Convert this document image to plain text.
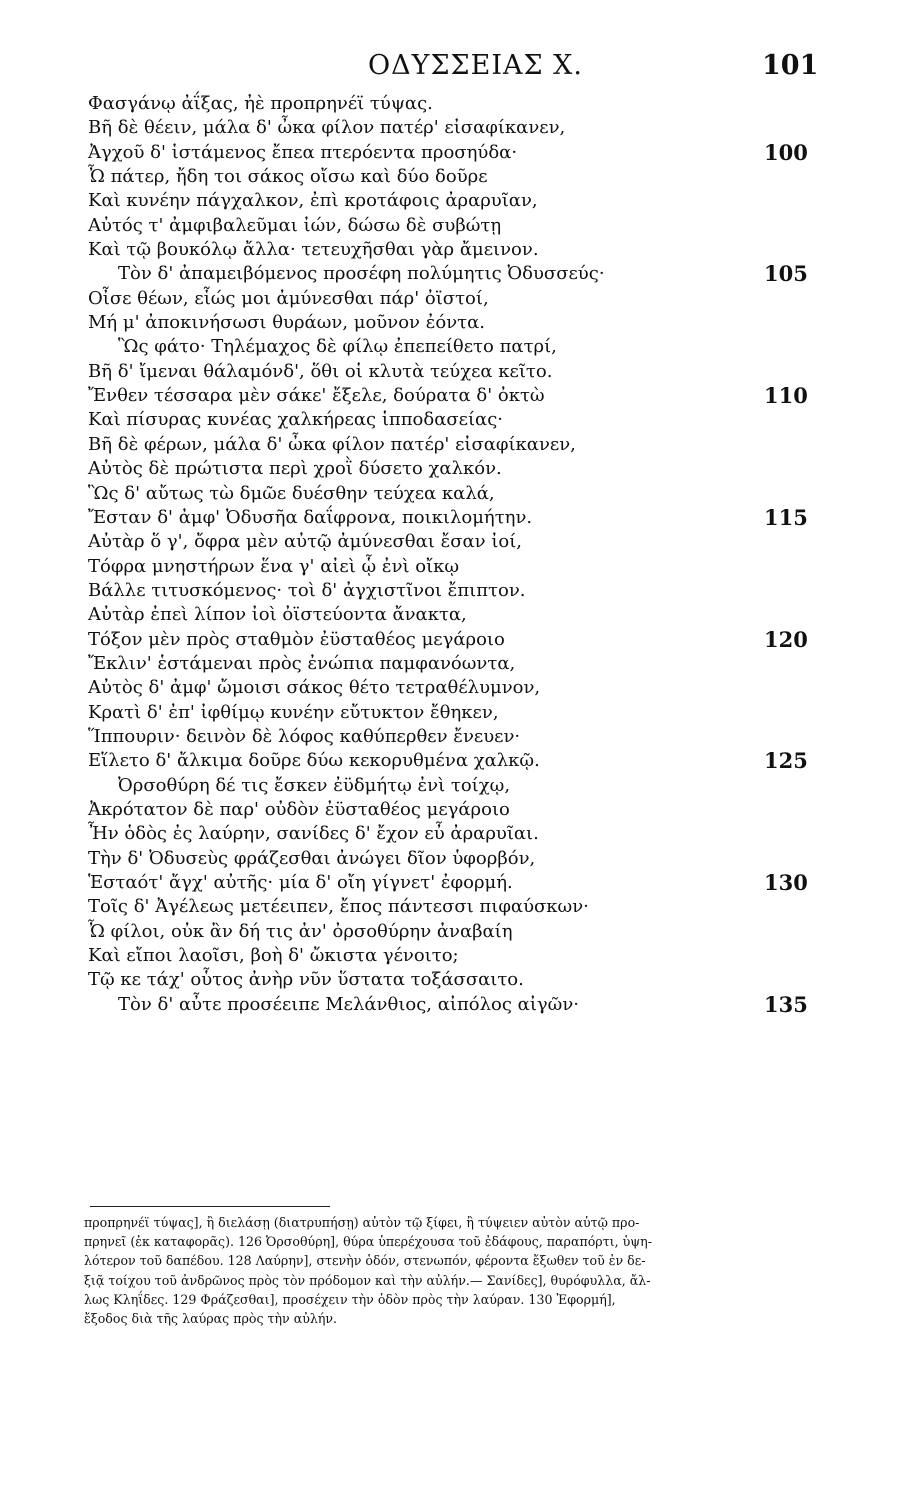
ΟΔΥΣΣΕΙΑΣ Χ.	101
Φασγάνῳ ἀΐξας, ἠὲ προπρηνέϊ τύψας.
Βῆ δὲ θέειν, μάλα δ' ὦκα φίλον πατέρ' εἰσαφίκανεν,
Ἀγχοῦ δ' ἱστάμενος ἔπεα πτερόεντα προσηύδα·	100
Ὦ πάτερ, ἤδη τοι σάκος οἴσω καὶ δύο δοῦρε
Καὶ κυνέην πάγχαλκον, ἐπὶ κροτάφοις ἀραρυῖαν,
Αὐτός τ' ἀμφιβαλεῦμαι ἰών, δώσω δὲ συβώτῃ
Καὶ τῷ βουκόλῳ ἄλλα· τετευχῆσθαι γὰρ ἄμεινον.
Τὸν δ' ἀπαμειβόμενος προσέφη πολύμητις Ὀδυσσεύς·	105
Οἶσε θέων, εἷώς μοι ἀμύνεσθαι πάρ' ὀϊστοί,
Μή μ' ἀποκινήσωσι θυράων, μοῦνον ἐόντα.
Ὣς φάτο· Τηλέμαχος δὲ φίλῳ ἐπεπείθετο πατρί,
Βῆ δ' ἴμεναι θάλαμόνδ', ὅθι οἱ κλυτὰ τεύχεα κεῖτο.
Ἔνθεν τέσσαρα μὲν σάκε' ἔξελε, δούρατα δ' ὀκτὼ	110
Καὶ πίσυρας κυνέας χαλκήρεας ἱπποδασείας·
Βῆ δὲ φέρων, μάλα δ' ὦκα φίλον πατέρ' εἰσαφίκανεν,
Αὐτὸς δὲ πρώτιστα περὶ χροῒ δύσετο χαλκόν.
Ὣς δ' αὔτως τὼ δμῶε δυέσθην τεύχεα καλά,
Ἔσταν δ' ἀμφ' Ὀδυσῆα δαΐφρονα, ποικιλομήτην.	115
Αὐτὰρ ὅ γ', ὄφρα μὲν αὐτῷ ἀμύνεσθαι ἔσαν ἰοί,
Τόφρα μνηστήρων ἕνα γ' αἰεὶ ᾧ ἐνὶ οἴκῳ
Βάλλε τιτυσκόμενος· τοὶ δ' ἀγχιστῖνοι ἔπιπτον.
Αὐτὰρ ἐπεὶ λίπον ἰοὶ ὀϊστεύοντα ἄνακτα,
Τόξον μὲν πρὸς σταθμὸν ἐϋσταθέος μεγάροιο	120
Ἔκλιν' ἑστάμεναι πρὸς ἐνώπια παμφανόωντα,
Αὐτὸς δ' ἀμφ' ὤμοισι σάκος θέτο τετραθέλυμνον,
Κρατὶ δ' ἐπ' ἰφθίμῳ κυνέην εὔτυκτον ἔθηκεν,
Ἵππουριν· δεινὸν δὲ λόφος καθύπερθεν ἔνευεν·
Εἵλετο δ' ἄλκιμα δοῦρε δύω κεκορυθμένα χαλκῷ.	125
Ὀρσοθύρη δέ τις ἔσκεν ἐϋδμήτῳ ἐνὶ τοίχῳ,
Ἀκρότατον δὲ παρ' οὐδὸν ἐϋσταθέος μεγάροιο
Ἦν ὁδὸς ἐς λαύρην, σανίδες δ' ἔχον εὖ ἀραρυῖαι.
Τὴν δ' Ὀδυσεὺς φράζεσθαι ἀνώγει δῖον ὑφορβόν,
Ἑσταότ' ἄγχ' αὐτῆς· μία δ' οἴη γίγνετ' ἐφορμή.	130
Τοῖς δ' Ἀγέλεως μετέειπεν, ἔπος πάντεσσι πιφαύσκων·
Ὦ φίλοι, οὐκ ἂν δή τις ἀν' ὀρσοθύρην ἀναβαίη
Καὶ εἴποι λαοῖσι, βοὴ δ' ὤκιστα γένοιτο;
Τῷ κε τάχ' οὗτος ἀνὴρ νῦν ὕστατα τοξάσσαιτο.
Τὸν δ' αὖτε προσέειπε Μελάνθιος, αἰπόλος αἰγῶν·	135
προπρηνέϊ τύψας], ἢ διελάσῃ (διατρυπήσῃ) αὐτὸν τῷ ξίφει, ἢ τύψειεν αὐτὸν αὐτῷ προ-
πρηνεῖ (ἐκ καταφορᾶς). 126 Ὀρσοθύρη], θύρα ὑπερέχουσα τοῦ ἐδάφους, παραπόρτι, ὑψη-
λότερον τοῦ δαπέδου. 128 Λαύρην], στενὴν ὁδόν, στενωπόν, φέροντα ἔξωθεν τοῦ ἐν δε-
ξιᾷ τοίχου τοῦ ἀνδρῶνος πρὸς τὸν πρόδομον καὶ τὴν αὐλήν.— Σανίδες], θυρόφυλλα, ἄλ-
λως Κληΐδες. 129 Φράζεσθαι], προσέχειν τὴν ὁδὸν πρὸς τὴν λαύραν. 130 Ἐφορμή],
ἔξοδος διὰ τῆς λαύρας πρὸς τὴν αὐλήν.
